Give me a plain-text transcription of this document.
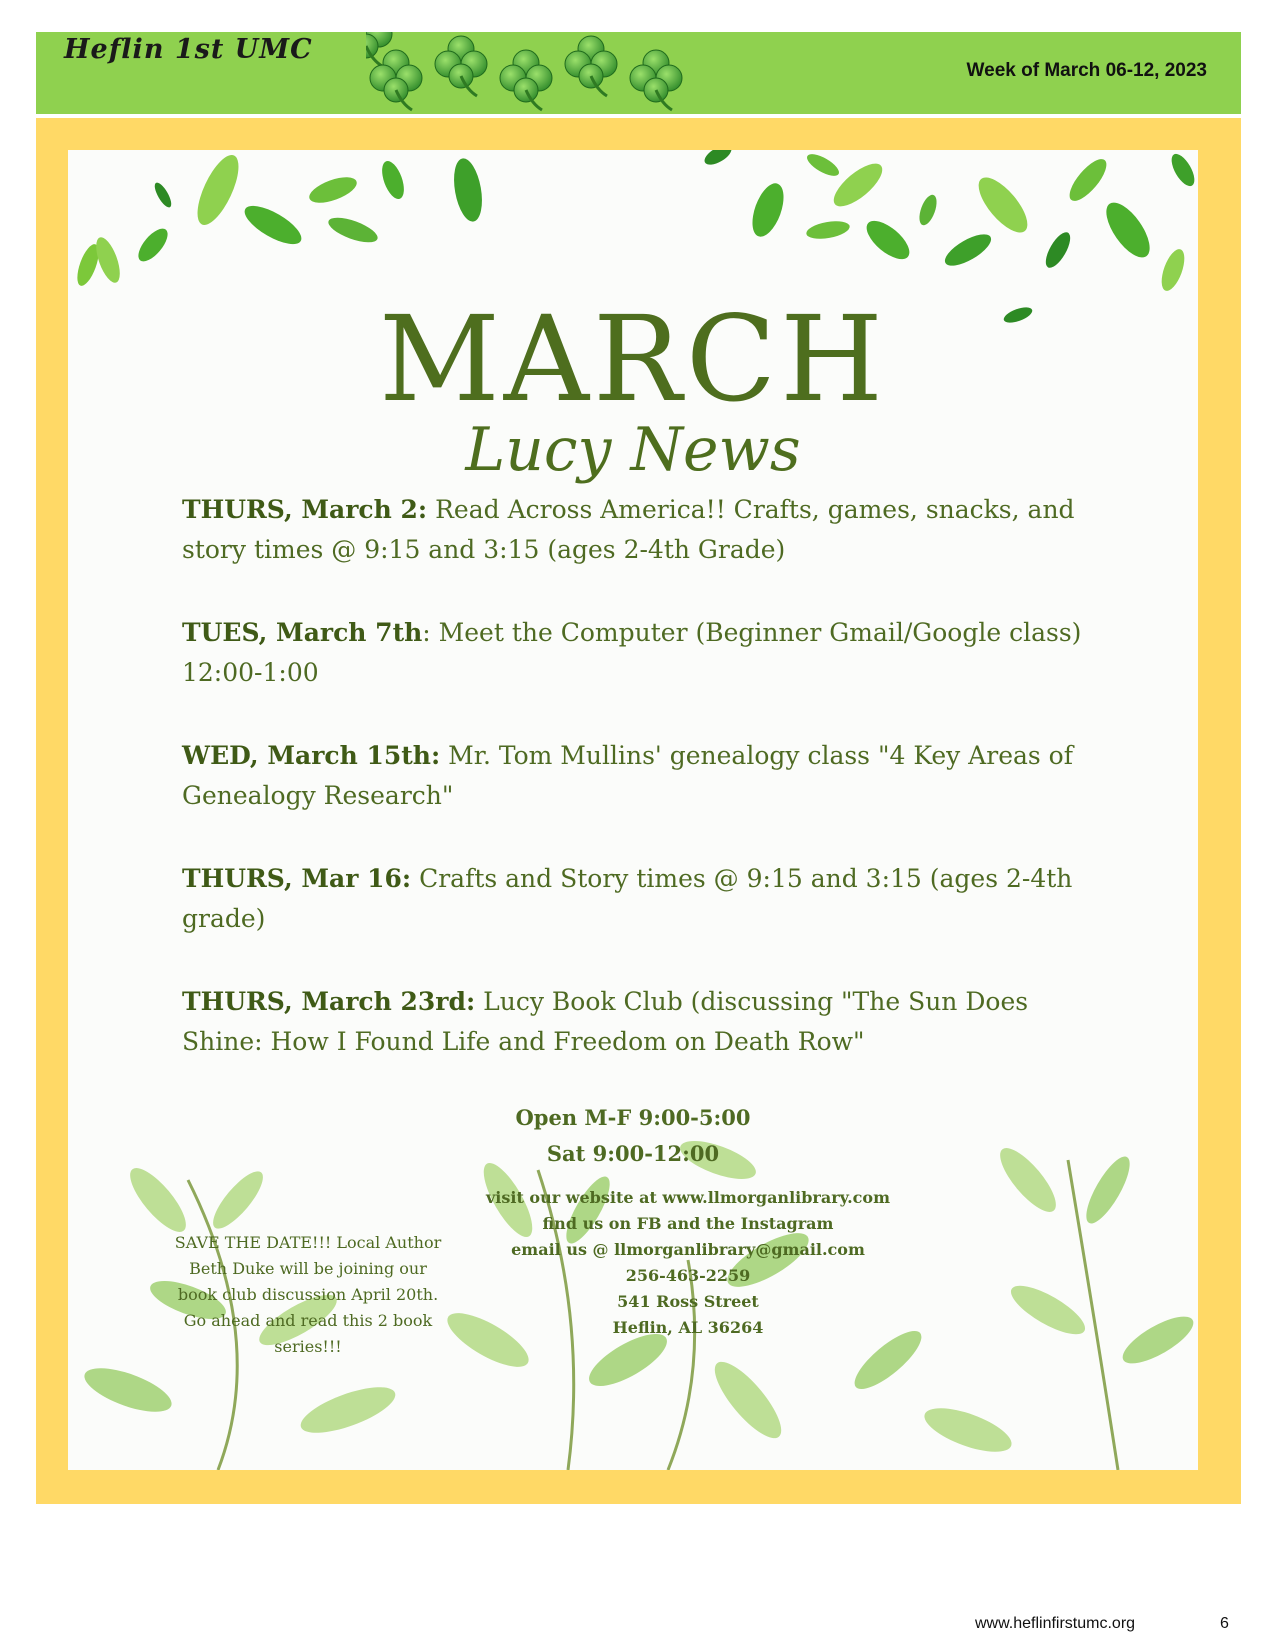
Heflin 1st UMC
Week of March 06-12, 2023
MARCH
Lucy News
THURS, March 2: Read Across America!! Crafts, games, snacks, and story times @ 9:15 and 3:15 (ages 2-4th Grade)
TUES, March 7th: Meet the Computer (Beginner Gmail/Google class) 12:00-1:00
WED, March 15th: Mr. Tom Mullins' genealogy class "4 Key Areas of Genealogy Research"
THURS, Mar 16: Crafts and Story times @ 9:15 and 3:15 (ages 2-4th grade)
THURS, March 23rd: Lucy Book Club (discussing "The Sun Does Shine: How I Found Life and Freedom on Death Row"
Open M-F 9:00-5:00
Sat 9:00-12:00
visit our website at www.llmorganlibrary.com
find us on FB and the Instagram
email us @ llmorganlibrary@gmail.com
256-463-2259
541 Ross Street
Heflin, AL 36264
SAVE THE DATE!!! Local Author Beth Duke will be joining our book club discussion April 20th. Go ahead and read this 2 book series!!!
www.heflinfirstumc.org	6
